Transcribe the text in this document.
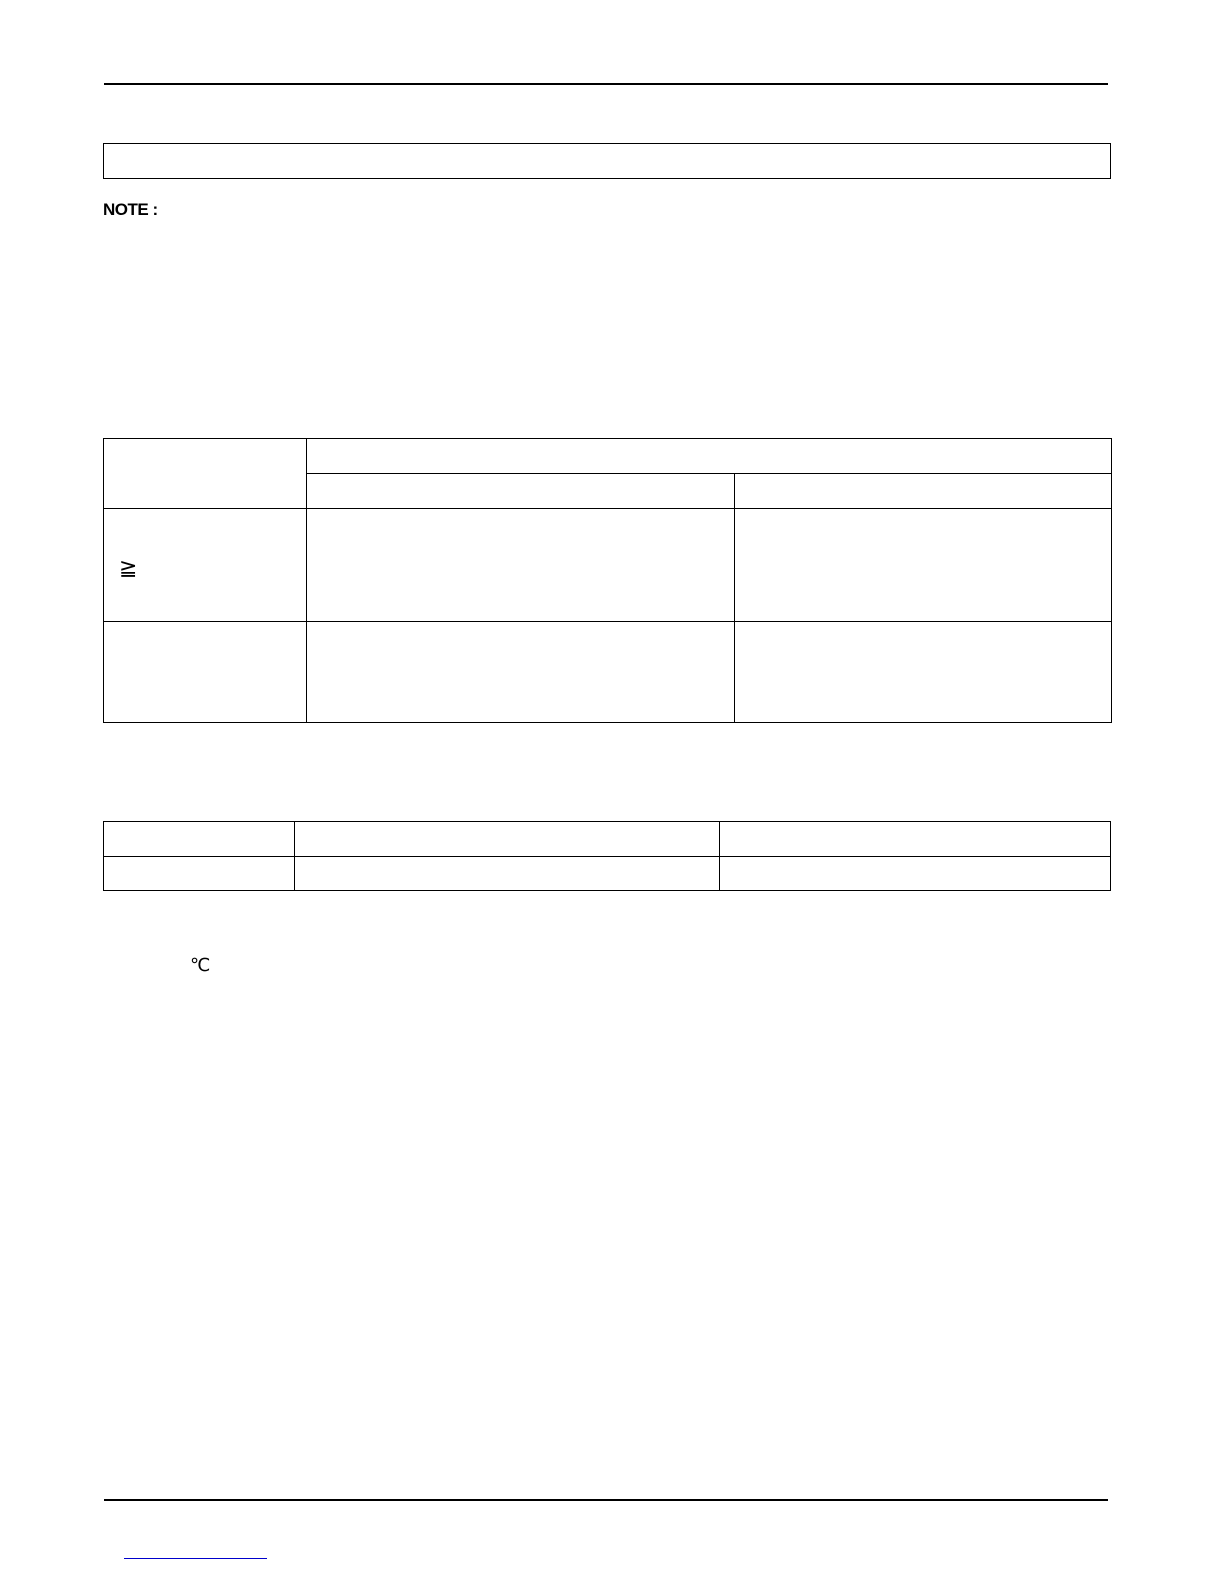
NOTE :

≧

℃
